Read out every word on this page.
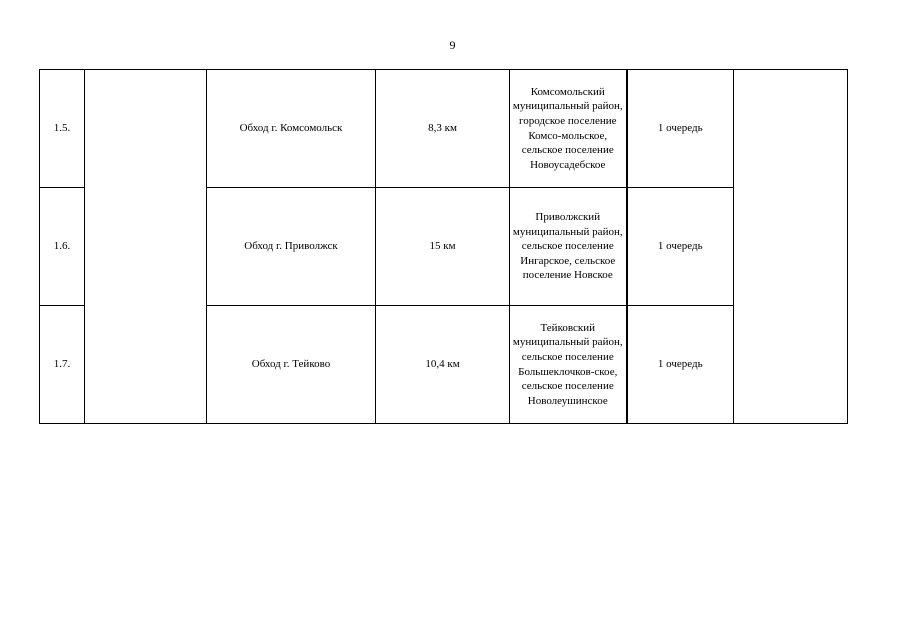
9
1.5.		Обход г. Комсомольск	8,3 км	Комсомольский муниципальный район, городское поселение Комсо-мольское, сельское поселение Новоусадебское	1 очередь	
1.6.		Обход г. Приволжск	15 км	Приволжский муниципальный район, сельское поселение Ингарское, сельское поселение Новское	1 очередь	
1.7.		Обход г. Тейково	10,4 км	Тейковский муниципальный район, сельское поселение Большеклочков-ское, сельское поселение Новолеушинское	1 очередь	
